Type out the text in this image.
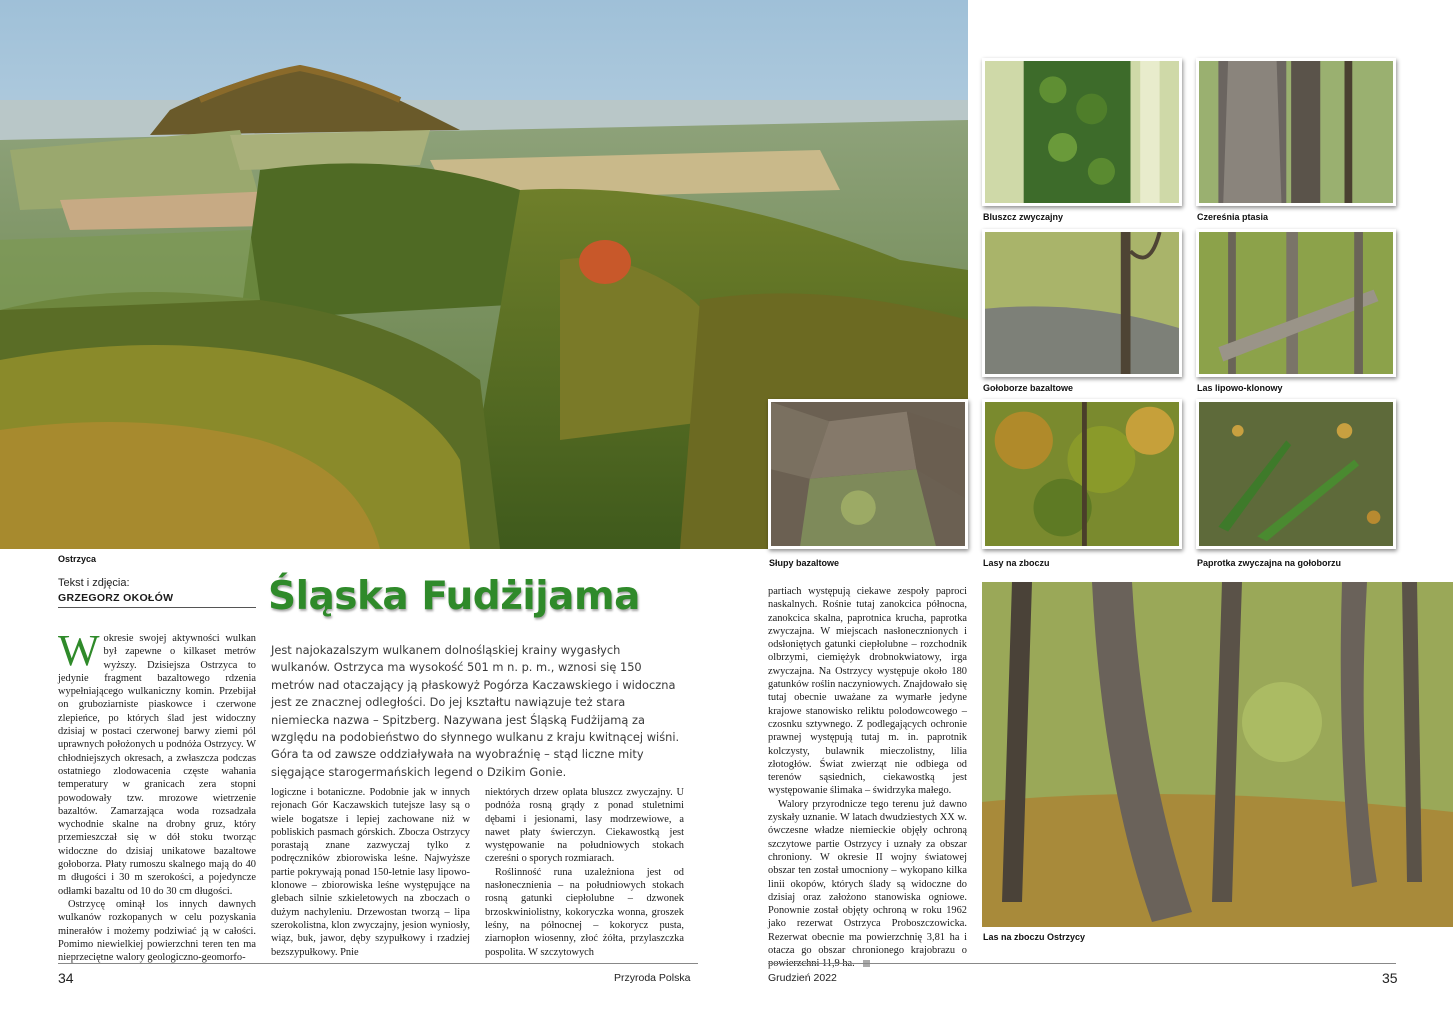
Ostrzyca
Bluszcz zwyczajny	Czereśnia ptasia
Gołoborze bazaltowe	Las lipowo-klonowy
Słupy bazaltowe	Lasy na zboczu	Paprotka zwyczajna na gołoborzu
Las na zboczu Ostrzycy
Tekst i zdjęcia:
GRZEGORZ OKOŁÓW	Śląska Fudżijama

Jest najokazalszym wulkanem dolnośląskiej krainy wygasłych wulkanów. Ostrzyca ma wysokość 501 m n. p. m., wznosi się 150 metrów nad otaczający ją płaskowyż Pogórza Kaczawskiego i widoczna jest ze znacznej odległości. Do jej kształtu nawiązuje też stara niemiecka nazwa – Spitzberg. Nazywana jest Śląską Fudżijamą za względu na podobieństwo do słynnego wulkanu z kraju kwitnącej wiśni. Góra ta od zawsze oddziaływała na wyobraźnię – stąd liczne mity sięgające starogermańskich legend o Dzikim Gonie.

Wokresie swojej aktywności wulkan był zapewne o kilkaset metrów wyższy. Dzisiejsza Ostrzyca to jedynie fragment bazaltowego rdzenia wypełniającego wulkaniczny komin. Przebijał on gruboziarniste piaskowce i czerwone zlepieńce, po których ślad jest widoczny dzisiaj w postaci czerwonej barwy ziemi pól uprawnych położonych u podnóża Ostrzycy. W chłodniejszych okresach, a zwłaszcza podczas ostatniego zlodowacenia częste wahania temperatury w granicach zera stopni powodowały tzw. mrozowe wietrzenie bazaltów. Zamarzająca woda rozsadzała wychodnie skalne na drobny gruz, który przemieszczał się w dół stoku tworząc widoczne do dzisiaj unikatowe bazaltowe gołoborza. Płaty rumoszu skalnego mają do 40 m długości i 30 m szerokości, a pojedyncze odłamki bazaltu od 10 do 30 cm długości.

Ostrzycę ominął los innych dawnych wulkanów rozkopanych w celu pozyskania minerałów i możemy podziwiać ją w całości. Pomimo niewielkiej powierzchni teren ten ma nieprzeciętne walory geologiczno-geomorfo-

logiczne i botaniczne. Podobnie jak w innych rejonach Gór Kaczawskich tutejsze lasy są o wiele bogatsze i lepiej zachowane niż w pobliskich pasmach górskich. Zbocza Ostrzycy porastają znane zazwyczaj tylko z podręczników zbiorowiska leśne. Najwyższe partie pokrywają ponad 150-letnie lasy lipowo-klonowe – zbiorowiska leśne występujące na glebach silnie szkieletowych na zboczach o dużym nachyleniu. Drzewostan tworzą – lipa szerokolistna, klon zwyczajny, jesion wyniosły, wiąz, buk, jawor, dęby szypułkowy i rzadziej bezszypułkowy. Pnie

niektórych drzew oplata bluszcz zwyczajny. U podnóża rosną grądy z ponad stuletnimi dębami i jesionami, lasy modrzewiowe, a nawet płaty świerczyn. Ciekawostką jest występowanie na południowych stokach czereśni o sporych rozmiarach.

Roślinność runa uzależniona jest od nasłonecznienia – na południowych stokach rosną gatunki ciepłolubne – dzwonek brzoskwiniolistny, kokoryczka wonna, groszek leśny, na północnej – kokorycz pusta, ziarnopłon wiosenny, złoć żółta, przylaszczka pospolita. W szczytowych

partiach występują ciekawe zespoły paproci naskalnych. Rośnie tutaj zanokcica północna, zanokcica skalna, paprotnica krucha, paprotka zwyczajna. W miejscach nasłonecznionych i odsłoniętych gatunki ciepłolubne – rozchodnik olbrzymi, ciemiężyk drobnokwiatowy, irga zwyczajna. Na Ostrzycy występuje około 180 gatunków roślin naczyniowych. Znajdowało się tutaj obecnie uważane za wymarłe jedyne krajowe stanowisko reliktu polodowcowego – czosnku sztywnego. Z podlegających ochronie prawnej występują tutaj m. in. paprotnik kolczysty, bulawnik mieczolistny, lilia złotogłów. Świat zwierząt nie odbiega od terenów sąsiednich, ciekawostką jest występowanie ślimaka – świdrzyka małego.

Walory przyrodnicze tego terenu już dawno zyskały uznanie. W latach dwudziestych XX w. ówczesne władze niemieckie objęły ochroną szczytowe partie Ostrzycy i uznały za obszar chroniony. W okresie II wojny światowej obszar ten został umocniony – wykopano kilka linii okopów, których ślady są widoczne do dzisiaj oraz założono stanowiska ogniowe. Ponownie został objęty ochroną w roku 1962 jako rezerwat Ostrzyca Proboszczowicka. Rezerwat obecnie ma powierzchnię 3,81 ha i otacza go obszar chronionego krajobrazu o

34	Przyroda Polska	Grudzień 2022	35
